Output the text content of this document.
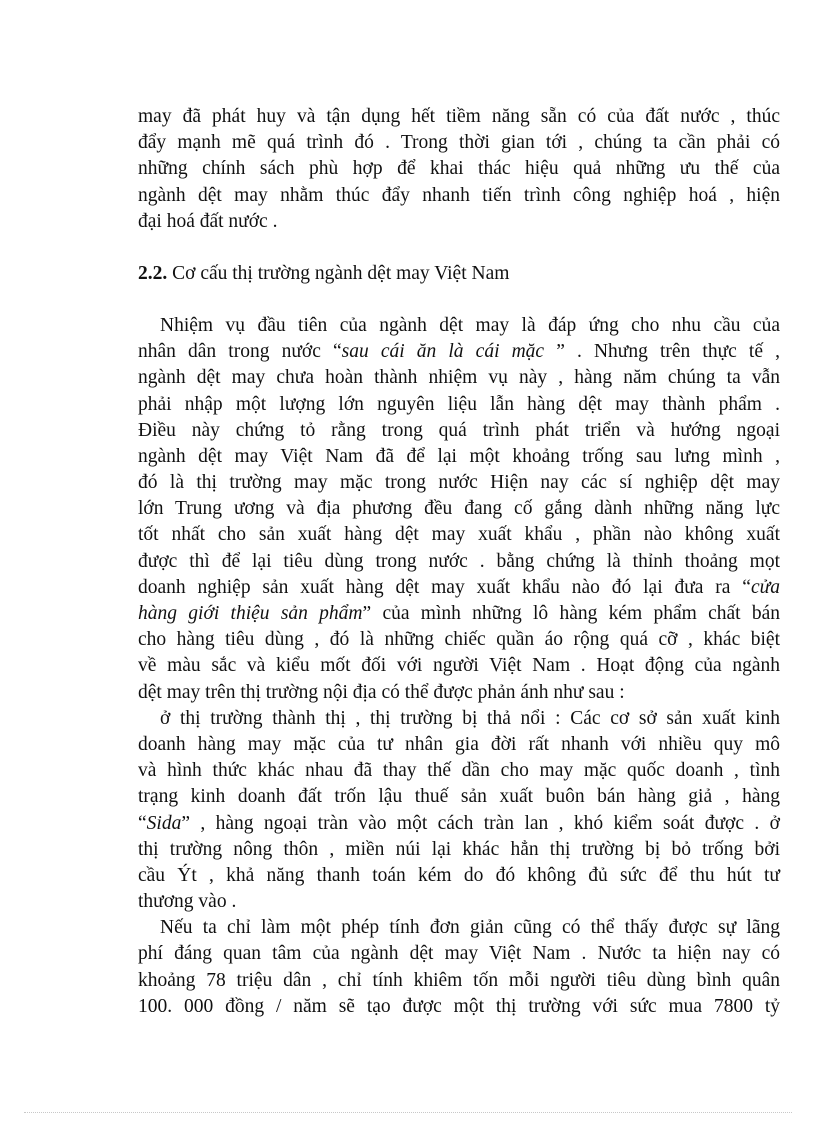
may đã phát huy và tận dụng hết tiềm năng sẵn có của đất nước , thúc
đẩy mạnh mẽ quá trình đó . Trong thời gian tới , chúng ta cần phải có
những chính sách phù hợp để khai thác hiệu quả những ưu thế của
ngành dệt may nhằm thúc đẩy nhanh tiến trình công nghiệp hoá , hiện
đại hoá đất nước .
2.2. Cơ cấu thị trường ngành dệt may Việt Nam
Nhiệm vụ đầu tiên của ngành dệt may là đáp ứng cho nhu cầu của
nhân dân trong nước “sau cái ăn là cái mặc ” . Nhưng trên thực tế ,
ngành dệt may chưa hoàn thành nhiệm vụ này , hàng năm chúng ta vẫn
phải nhập một lượng lớn nguyên liệu lẫn hàng dệt may thành phẩm .
Điều này chứng tỏ rằng trong quá trình phát triển và hướng ngoại
ngành dệt may Việt Nam đã để lại một khoảng trống sau lưng mình ,
đó là thị trường may mặc trong nước Hiện nay các sí nghiệp dệt may
lớn Trung ương và địa phương đều đang cố gắng dành những năng lực
tốt nhất cho sản xuất hàng dệt may xuất khẩu , phần nào không xuất
được thì để lại tiêu dùng trong nước . bằng chứng là thỉnh thoảng mọt
doanh nghiệp sản xuất hàng dệt may xuất khẩu nào đó lại đưa ra “cửa
hàng giới thiệu sản phẩm” của mình những lô hàng kém phẩm chất bán
cho hàng tiêu dùng , đó là những chiếc quần áo rộng quá cỡ , khác biệt
về màu sắc và kiểu mốt đối với người Việt Nam . Hoạt động của ngành
dệt may trên thị trường nội địa có thể được phản ánh như sau :
ở thị trường thành thị , thị trường bị thả nổi : Các cơ sở sản xuất kinh
doanh hàng may mặc của tư nhân gia đời rất nhanh với nhiều quy mô
và hình thức khác nhau đã thay thế dần cho may mặc quốc doanh , tình
trạng kinh doanh đất trốn lậu thuế sản xuất buôn bán hàng giả , hàng
“Sida” , hàng ngoại tràn vào một cách tràn lan , khó kiểm soát được . ở
thị trường nông thôn , miền núi lại khác hẳn thị trường bị bỏ trống bởi
cầu Ýt , khả năng thanh toán kém do đó không đủ sức để thu hút tư
thương vào .
Nếu ta chỉ làm một phép tính đơn giản cũng có thể thấy được sự lãng
phí đáng quan tâm của ngành dệt may Việt Nam . Nước ta hiện nay có
khoảng 78 triệu dân , chỉ tính khiêm tốn mỗi người tiêu dùng bình quân
100. 000 đồng / năm sẽ tạo được một thị trường với sức mua 7800 tỷ
